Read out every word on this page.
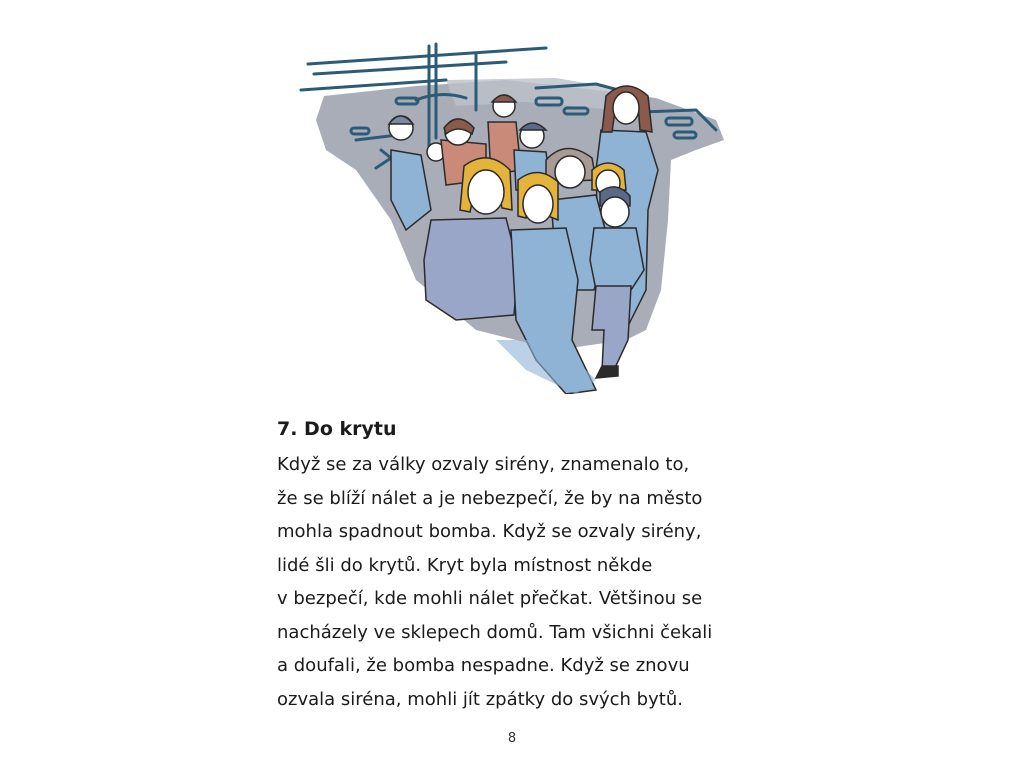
7. Do krytu

Když se za války ozvaly sirény, znamenalo to,
že se blíží nálet a je nebezpečí, že by na město
mohla spadnout bomba. Když se ozvaly sirény,
lidé šli do krytů. Kryt byla místnost někde
v bezpečí, kde mohli nálet přečkat. Většinou se
nacházely ve sklepech domů. Tam všichni čekali
a doufali, že bomba nespadne. Když se znovu
ozvala siréna, mohli jít zpátky do svých bytů.

8
